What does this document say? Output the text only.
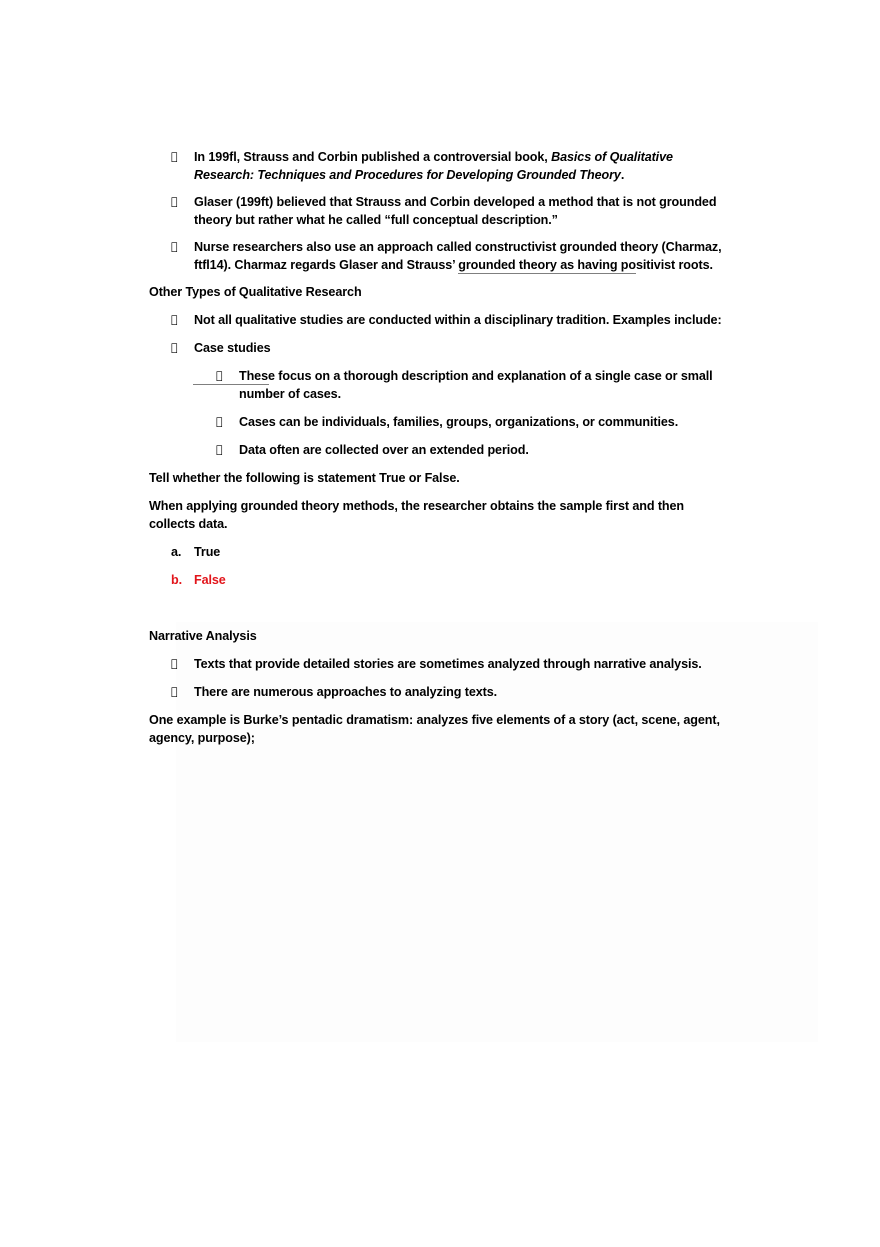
In 199fl, Strauss and Corbin published a controversial book, Basics of Qualitative Research: Techniques and Procedures for Developing Grounded Theory.
Glaser (199ft) believed that Strauss and Corbin developed a method that is not grounded theory but rather what he called “full conceptual description.”
Nurse researchers also use an approach called constructivist grounded theory (Charmaz, ftfl14). Charmaz regards Glaser and Strauss’ grounded theory as having positivist roots.

Other Types of Qualitative Research

Not all qualitative studies are conducted within a disciplinary tradition. Examples include:
Case studies
These focus on a thorough description and explanation of a single case or small number of cases.
Cases can be individuals, families, groups, organizations, or communities.
Data often are collected over an extended period.

Tell whether the following is statement True or False.

When applying grounded theory methods, the researcher obtains the sample first and then collects data.

a. True
b. False

Narrative Analysis

Texts that provide detailed stories are sometimes analyzed through narrative analysis.
There are numerous approaches to analyzing texts.

One example is Burke’s pentadic dramatism: analyzes five elements of a story (act, scene, agent, agency, purpose);
